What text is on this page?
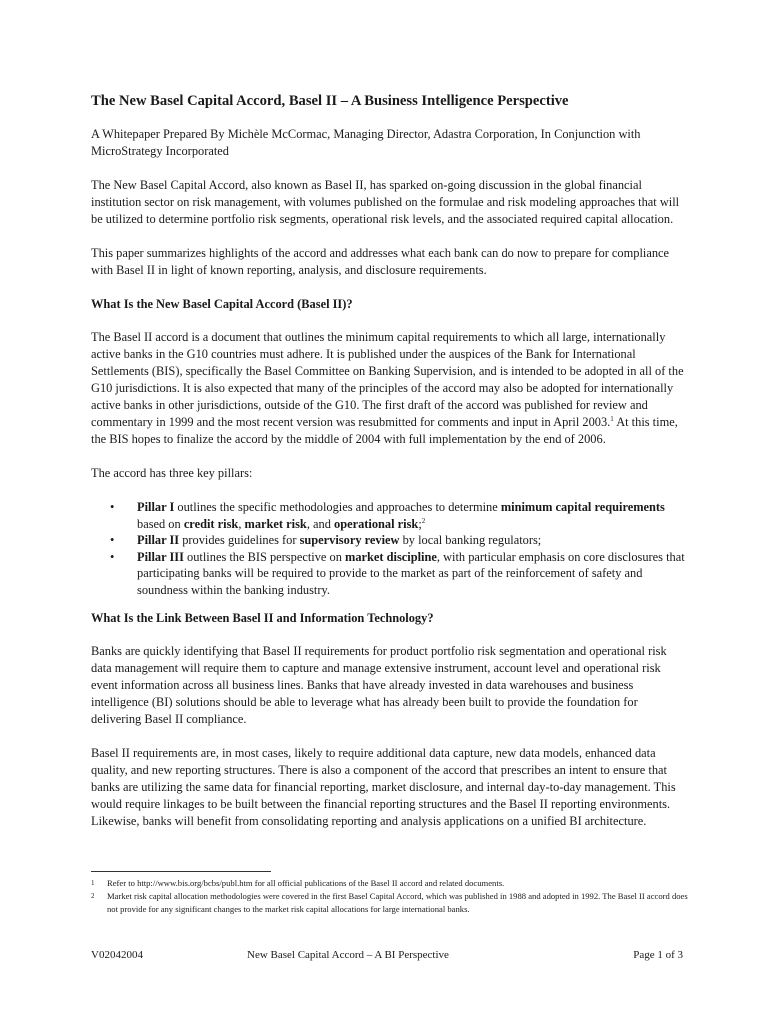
The New Basel Capital Accord, Basel II – A Business Intelligence Perspective
A Whitepaper Prepared By Michèle McCormac, Managing Director, Adastra Corporation, In Conjunction with MicroStrategy Incorporated

The New Basel Capital Accord, also known as Basel II, has sparked on-going discussion in the global financial institution sector on risk management, with volumes published on the formulae and risk modeling approaches that will be utilized to determine portfolio risk segments, operational risk levels, and the associated required capital allocation.

This paper summarizes highlights of the accord and addresses what each bank can do now to prepare for compliance with Basel II in light of known reporting, analysis, and disclosure requirements.

What Is the New Basel Capital Accord (Basel II)?

The Basel II accord is a document that outlines the minimum capital requirements to which all large, internationally active banks in the G10 countries must adhere. It is published under the auspices of the Bank for International Settlements (BIS), specifically the Basel Committee on Banking Supervision, and is intended to be adopted in all of the G10 jurisdictions. It is also expected that many of the principles of the accord may also be adopted for internationally active banks in other jurisdictions, outside of the G10. The first draft of the accord was published for review and commentary in 1999 and the most recent version was resubmitted for comments and input in April 2003.$^1$ At this time, the BIS hopes to finalize the accord by the middle of 2004 with full implementation by the end of 2006.

The accord has three key pillars:

• Pillar I outlines the specific methodologies and approaches to determine minimum capital requirements based on credit risk, market risk, and operational risk;$^2$
• Pillar II provides guidelines for supervisory review by local banking regulators;
• Pillar III outlines the BIS perspective on market discipline, with particular emphasis on core disclosures that participating banks will be required to provide to the market as part of the reinforcement of safety and soundness within the banking industry.
What Is the Link Between Basel II and Information Technology?

Banks are quickly identifying that Basel II requirements for product portfolio risk segmentation and operational risk data management will require them to capture and manage extensive instrument, account level and operational risk event information across all business lines. Banks that have already invested in data warehouses and business intelligence (BI) solutions should be able to leverage what has already been built to provide the foundation for delivering Basel II compliance.

Basel II requirements are, in most cases, likely to require additional data capture, new data models, enhanced data quality, and new reporting structures. There is also a component of the accord that prescribes an intent to ensure that banks are utilizing the same data for financial reporting, market disclosure, and internal day-to-day management. This would require linkages to be built between the financial reporting structures and the Basel II reporting environments. Likewise, banks will benefit from consolidating reporting and analysis applications on a unified BI architecture.

1 Refer to http://www.bis.org/bcbs/publ.htm for all official publications of the Basel II accord and related documents.
2 Market risk capital allocation methodologies were covered in the first Basel Capital Accord, which was published in 1988 and adopted in 1992. The Basel II accord does not provide for any significant changes to the market risk capital allocations for large international banks.
V02042004	New Basel Capital Accord – A BI Perspective	Page 1 of 3
